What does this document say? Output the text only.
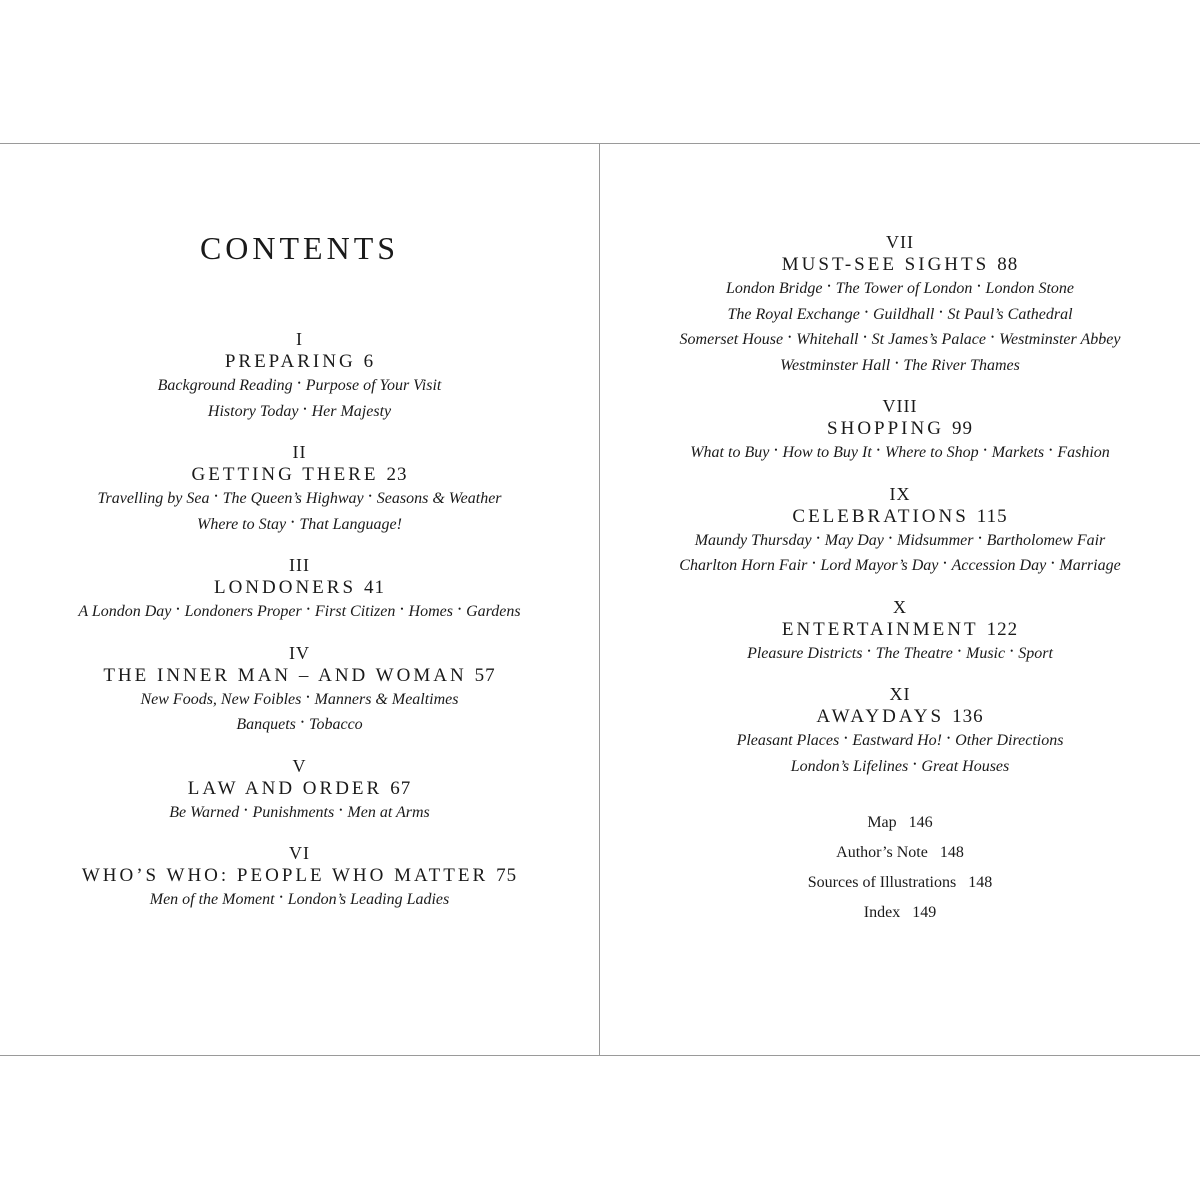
CONTENTS
I
PREPARING 6
Background Reading • Purpose of Your Visit
History Today • Her Majesty
II
GETTING THERE 23
Travelling by Sea • The Queen’s Highway • Seasons & Weather
Where to Stay • That Language!
III
LONDONERS 41
A London Day • Londoners Proper • First Citizen • Homes • Gardens
IV
THE INNER MAN – AND WOMAN 57
New Foods, New Foibles • Manners & Mealtimes
Banquets • Tobacco
V
LAW AND ORDER 67
Be Warned • Punishments • Men at Arms
VI
WHO’S WHO: PEOPLE WHO MATTER 75
Men of the Moment • London’s Leading Ladies
VII
MUST-SEE SIGHTS 88
London Bridge • The Tower of London • London Stone
The Royal Exchange • Guildhall • St Paul’s Cathedral
Somerset House • Whitehall • St James’s Palace • Westminster Abbey
Westminster Hall • The River Thames
VIII
SHOPPING 99
What to Buy • How to Buy It • Where to Shop • Markets • Fashion
IX
CELEBRATIONS 115
Maundy Thursday • May Day • Midsummer • Bartholomew Fair
Charlton Horn Fair • Lord Mayor’s Day • Accession Day • Marriage
X
ENTERTAINMENT 122
Pleasure Districts • The Theatre • Music • Sport
XI
AWAYDAYS 136
Pleasant Places • Eastward Ho! • Other Directions
London’s Lifelines • Great Houses
Map 146
Author’s Note 148
Sources of Illustrations 148
Index 149
